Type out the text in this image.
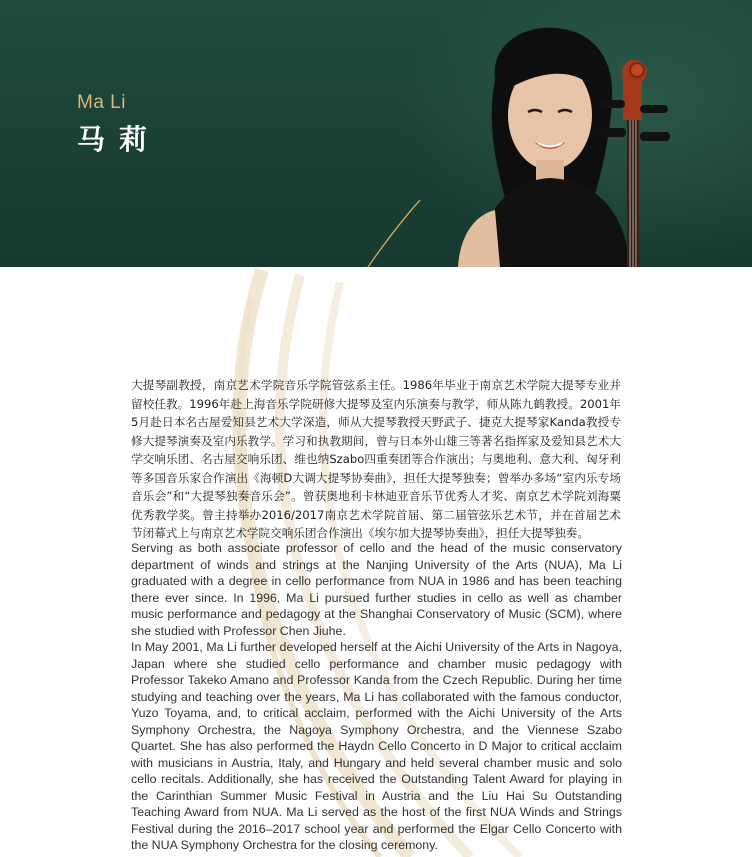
Ma Li
马莉

大提琴副教授，南京艺术学院音乐学院管弦系主任。1986年毕业于南京艺术学院大提琴专业并留校任教。1996年赴上海音乐学院研修大提琴及室内乐演奏与教学，师从陈九鹤教授。2001年5月赴日本名古屋爱知县艺术大学深造，师从大提琴教授天野武子、捷克大提琴家Kanda教授专修大提琴演奏及室内乐教学。学习和执教期间，曾与日本外山雄三等著名指挥家及爱知县艺术大学交响乐团、名古屋交响乐团、维也纳Szabo四重奏团等合作演出；与奥地利、意大利、匈牙利等多国音乐家合作演出《海顿D大调大提琴协奏曲》，担任大提琴独奏；曾举办多场“室内乐专场音乐会”和“大提琴独奏音乐会”。曾获奥地利卡林迪亚音乐节优秀人才奖、南京艺术学院刘海粟优秀教学奖。曾主持举办2016/2017南京艺术学院首届、第二届管弦乐艺术节，并在首届艺术节闭幕式上与南京艺术学院交响乐团合作演出《埃尔加大提琴协奏曲》，担任大提琴独奏。

Serving as both associate professor of cello and the head of the music conservatory department of winds and strings at the Nanjing University of the Arts (NUA), Ma Li graduated with a degree in cello performance from NUA in 1986 and has been teaching there ever since. In 1996, Ma Li pursued further studies in cello as well as chamber music performance and pedagogy at the Shanghai Conservatory of Music (SCM), where she studied with Professor Chen Jiuhe.

In May 2001, Ma Li further developed herself at the Aichi University of the Arts in Nagoya, Japan where she studied cello performance and chamber music pedagogy with Professor Takeko Amano and Professor Kanda from the Czech Republic. During her time studying and teaching over the years, Ma Li has collaborated with the famous conductor, Yuzo Toyama, and, to critical acclaim, performed with the Aichi University of the Arts Symphony Orchestra, the Nagoya Symphony Orchestra, and the Viennese Szabo Quartet. She has also performed the Haydn Cello Concerto in D Major to critical acclaim with musicians in Austria, Italy, and Hungary and held several chamber music and solo cello recitals. Additionally, she has received the Outstanding Talent Award for playing in the Carinthian Summer Music Festival in Austria and the Liu Hai Su Outstanding Teaching Award from NUA. Ma Li served as the host of the first NUA Winds and Strings Festival during the 2016–2017 school year and performed the Elgar Cello Concerto with the NUA Symphony Orchestra for the closing ceremony.
